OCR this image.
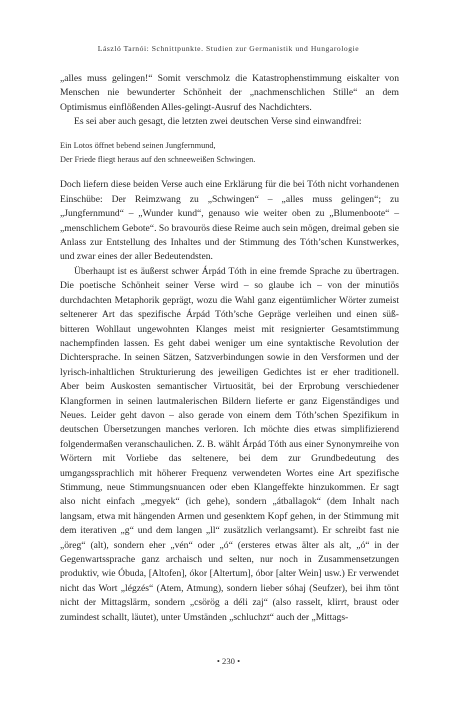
László Tarnói: Schnittpunkte. Studien zur Germanistik und Hungarologie

„alles muss gelingen!“ Somit verschmolz die Katastrophenstimmung eiskalter von Menschen nie bewunderter Schönheit der „nachmenschlichen Stille“ an dem Optimismus einflößenden Alles-gelingt-Ausruf des Nachdichters.

Es sei aber auch gesagt, die letzten zwei deutschen Verse sind einwandfrei:

Ein Lotos öffnet bebend seinen Jungfernmund,
Der Friede fliegt heraus auf den schneeweißen Schwingen.

Doch liefern diese beiden Verse auch eine Erklärung für die bei Tóth nicht vorhandenen Einschübe: Der Reimzwang zu „Schwingen“ – „alles muss gelingen“; zu „Jungfernmund“ – „Wunder kund“, genauso wie weiter oben zu „Blumenboote“ – „menschlichem Gebote“. So bravourös diese Reime auch sein mögen, dreimal geben sie Anlass zur Entstellung des Inhaltes und der Stimmung des Tóth’schen Kunstwerkes, und zwar eines der aller Bedeutendsten.

Überhaupt ist es äußerst schwer Árpád Tóth in eine fremde Sprache zu übertragen. Die poetische Schönheit seiner Verse wird – so glaube ich – von der minutiös durchdachten Metaphorik geprägt, wozu die Wahl ganz eigentümlicher Wörter zumeist seltenerer Art das spezifische Árpád Tóth’sche Gepräge verleihen und einen süß-bitteren Wohllaut ungewohnten Klanges meist mit resignierter Gesamtstimmung nachempfinden lassen. Es geht dabei weniger um eine syntaktische Revolution der Dichtersprache. In seinen Sätzen, Satzverbindungen sowie in den Versformen und der lyrisch-inhaltlichen Strukturierung des jeweiligen Gedichtes ist er eher traditionell. Aber beim Auskosten semantischer Virtuosität, bei der Erprobung verschiedener Klangformen in seinen lautmalerischen Bildern lieferte er ganz Eigenständiges und Neues. Leider geht davon – also gerade von einem dem Tóth’schen Spezifikum in deutschen Übersetzungen manches verloren. Ich möchte dies etwas simplifizierend folgendermaßen veranschaulichen. Z. B. wählt Árpád Tóth aus einer Synonymreihe von Wörtern mit Vorliebe das seltenere, bei dem zur Grundbedeutung des umgangssprachlich mit höherer Frequenz verwendeten Wortes eine Art spezifische Stimmung, neue Stimmungsnuancen oder eben Klangeffekte hinzukommen. Er sagt also nicht einfach „megyek“ (ich gehe), sondern „átballagok“ (dem Inhalt nach langsam, etwa mit hängenden Armen und gesenktem Kopf gehen, in der Stimmung mit dem iterativen „g“ und dem langen „ll“ zusätzlich verlangsamt). Er schreibt fast nie „öreg“ (alt), sondern eher „vén“ oder „ó“ (ersteres etwas älter als alt, „ó“ in der Gegenwartssprache ganz archaisch und selten, nur noch in Zusammensetzungen produktiv, wie Óbuda, [Altofen], ókor [Altertum], óbor [alter Wein] usw.) Er verwendet nicht das Wort „légzés“ (Atem, Atmung), sondern lieber sóhaj (Seufzer), bei ihm tönt nicht der Mittagslärm, sondern „csörög a déli zaj“ (also rasselt, klirrt, braust oder zumindest schallt, läutet), unter Umständen „schluchzt“ auch der „Mittags-

• 230 •
